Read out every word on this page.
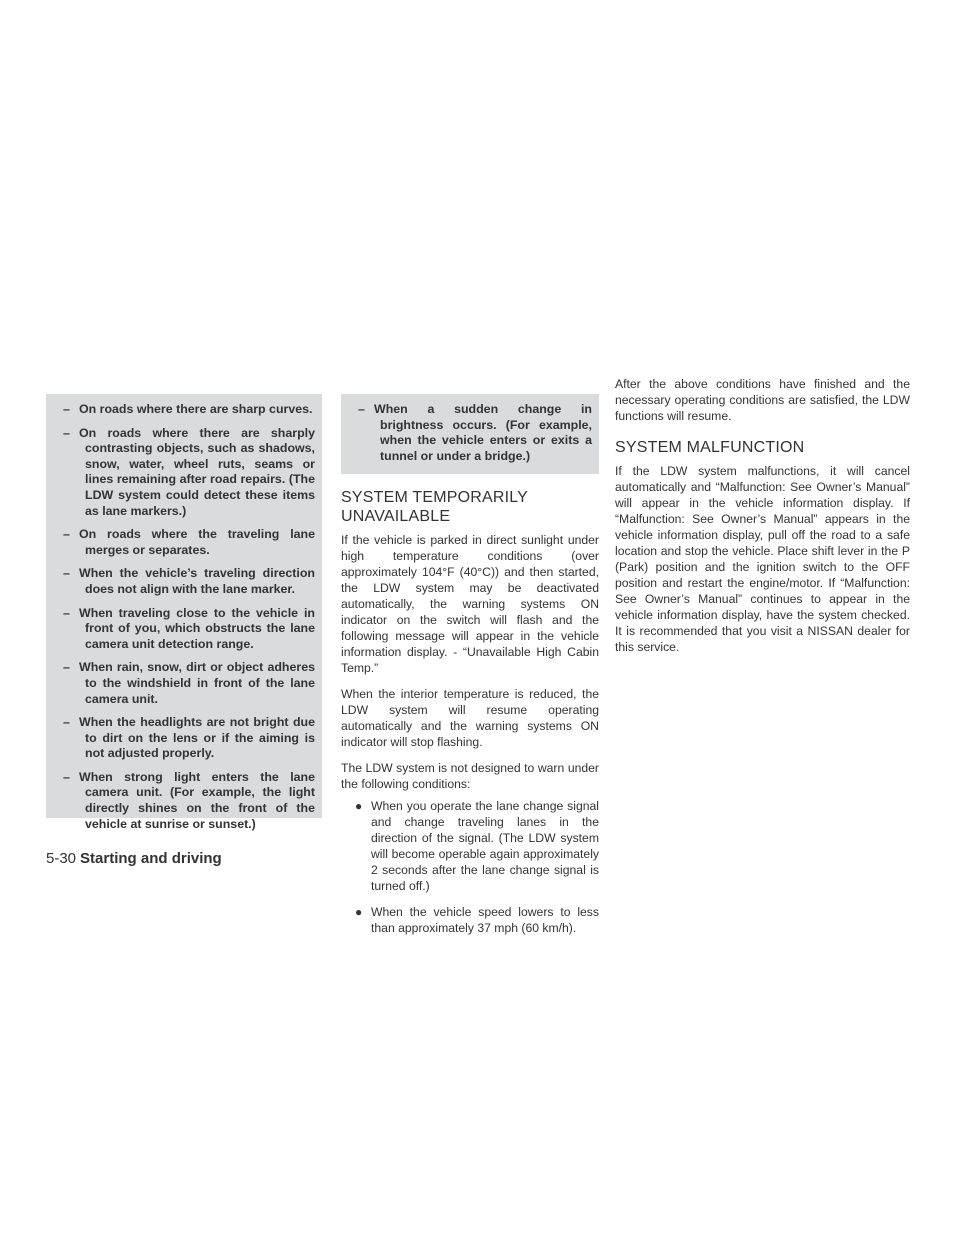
– On roads where there are sharp curves.
– On roads where there are sharply contrasting objects, such as shadows, snow, water, wheel ruts, seams or lines remaining after road repairs. (The LDW system could detect these items as lane markers.)
– On roads where the traveling lane merges or separates.
– When the vehicle’s traveling direction does not align with the lane marker.
– When traveling close to the vehicle in front of you, which obstructs the lane camera unit detection range.
– When rain, snow, dirt or object adheres to the windshield in front of the lane camera unit.
– When the headlights are not bright due to dirt on the lens or if the aiming is not adjusted properly.
– When strong light enters the lane camera unit. (For example, the light directly shines on the front of the vehicle at sunrise or sunset.)
– When a sudden change in brightness occurs. (For example, when the vehicle enters or exits a tunnel or under a bridge.)
SYSTEM TEMPORARILY UNAVAILABLE

If the vehicle is parked in direct sunlight under high temperature conditions (over approximately 104°F (40°C)) and then started, the LDW system may be deactivated automatically, the warning systems ON indicator on the switch will flash and the following message will appear in the vehicle information display. - “Unavailable High Cabin Temp.”

When the interior temperature is reduced, the LDW system will resume operating automatically and the warning systems ON indicator will stop flashing.

The LDW system is not designed to warn under the following conditions:

● When you operate the lane change signal and change traveling lanes in the direction of the signal. (The LDW system will become operable again approximately 2 seconds after the lane change signal is turned off.)
● When the vehicle speed lowers to less than approximately 37 mph (60 km/h).

After the above conditions have finished and the necessary operating conditions are satisfied, the LDW functions will resume.

SYSTEM MALFUNCTION

If the LDW system malfunctions, it will cancel automatically and “Malfunction: See Owner’s Manual” will appear in the vehicle information display. If “Malfunction: See Owner’s Manual” appears in the vehicle information display, pull off the road to a safe location and stop the vehicle. Place shift lever in the P (Park) position and the ignition switch to the OFF position and restart the engine/motor. If “Malfunction: See Owner’s Manual” continues to appear in the vehicle information display, have the system checked. It is recommended that you visit a NISSAN dealer for this service.

5-30 Starting and driving
